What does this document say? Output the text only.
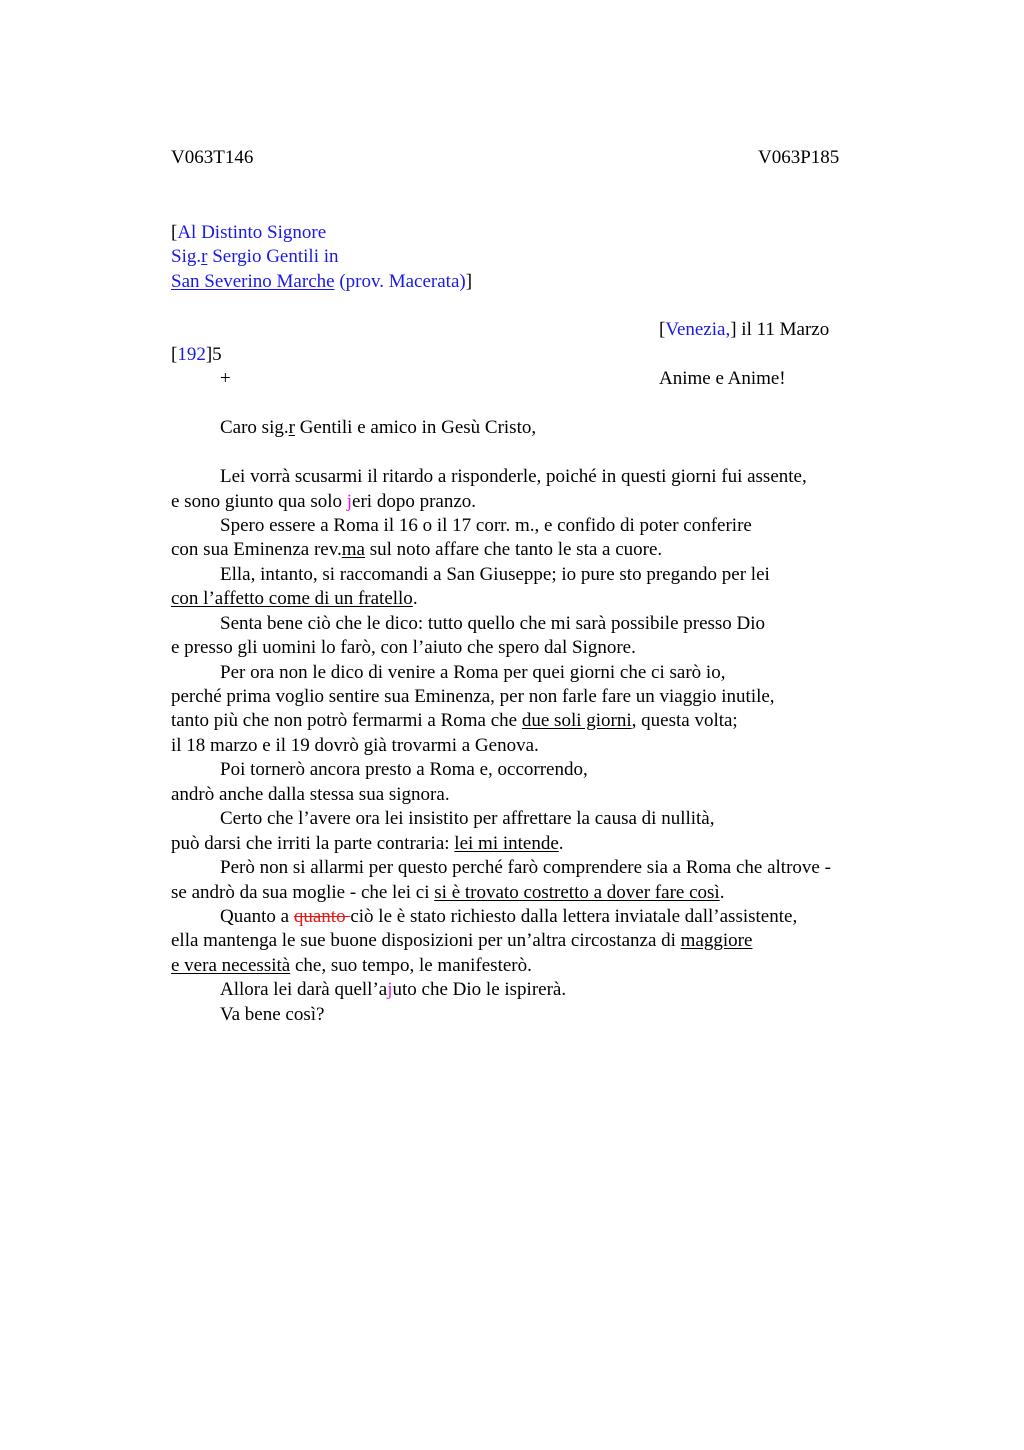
V063T146	V063P185
[Al Distinto Signore
Sig.r Sergio Gentili in
San Severino Marche (prov. Macerata)]
[Venezia,] il 11 Marzo
[192]5
+	Anime e Anime!
Caro sig.r Gentili e amico in Gesù Cristo,
Lei vorrà scusarmi il ritardo a risponderle, poiché in questi giorni fui assente,
e sono giunto qua solo jeri dopo pranzo.
Spero essere a Roma il 16 o il 17 corr. m., e confido di poter conferire
con sua Eminenza rev.ma sul noto affare che tanto le sta a cuore.
Ella, intanto, si raccomandi a San Giuseppe; io pure sto pregando per lei
con l’affetto come di un fratello.
Senta bene ciò che le dico: tutto quello che mi sarà possibile presso Dio
e presso gli uomini lo farò, con l’aiuto che spero dal Signore.
Per ora non le dico di venire a Roma per quei giorni che ci sarò io,
perché prima voglio sentire sua Eminenza, per non farle fare un viaggio inutile,
tanto più che non potrò fermarmi a Roma che due soli giorni, questa volta;
il 18 marzo e il 19 dovrò già trovarmi a Genova.
Poi tornerò ancora presto a Roma e, occorrendo,
andrò anche dalla stessa sua signora.
Certo che l’avere ora lei insistito per affrettare la causa di nullità,
può darsi che irriti la parte contraria: lei mi intende.
Però non si allarmi per questo perché farò comprendere sia a Roma che altrove -
se andrò da sua moglie - che lei ci si è trovato costretto a dover fare così.
Quanto a quanto ciò le è stato richiesto dalla lettera inviatale dall’assistente,
ella mantenga le sue buone disposizioni per un’altra circostanza di maggiore
e vera necessità che, suo tempo, le manifesterò.
Allora lei darà quell’ajuto che Dio le ispirerà.
Va bene così?
